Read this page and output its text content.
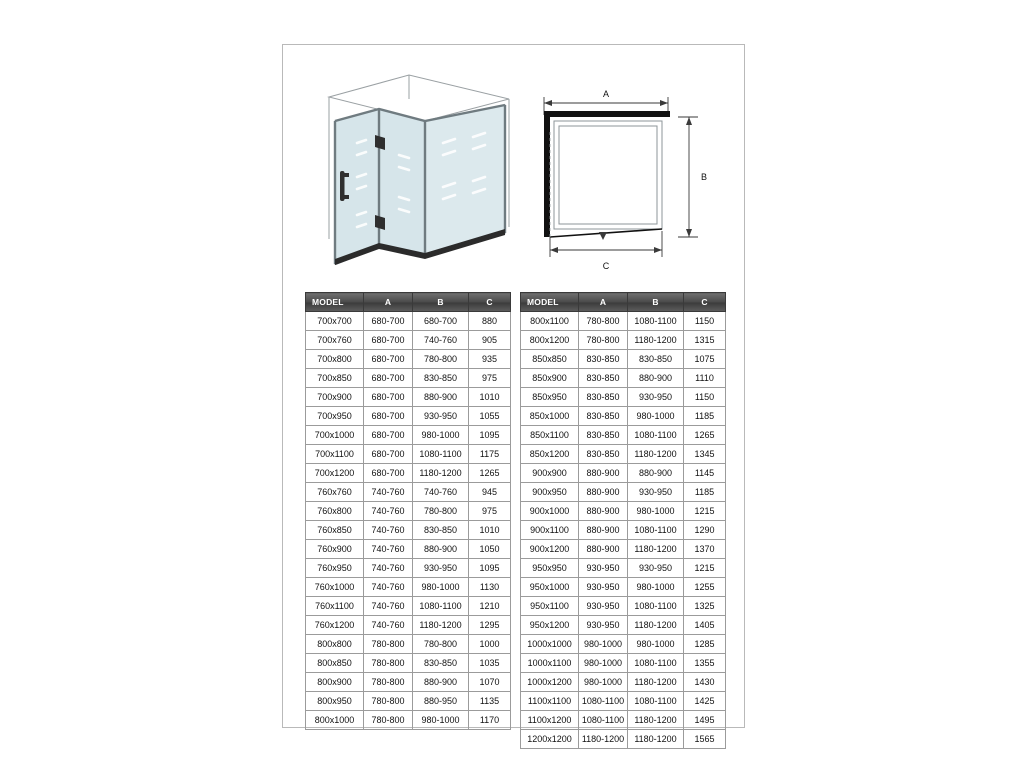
A
B
C
MODEL	A	B	C
700x700	680-700	680-700	880
700x760	680-700	740-760	905
700x800	680-700	780-800	935
700x850	680-700	830-850	975
700x900	680-700	880-900	1010
700x950	680-700	930-950	1055
700x1000	680-700	980-1000	1095
700x1100	680-700	1080-1100	1175
700x1200	680-700	1180-1200	1265
760x760	740-760	740-760	945
760x800	740-760	780-800	975
760x850	740-760	830-850	1010
760x900	740-760	880-900	1050
760x950	740-760	930-950	1095
760x1000	740-760	980-1000	1130
760x1100	740-760	1080-1100	1210
760x1200	740-760	1180-1200	1295
800x800	780-800	780-800	1000
800x850	780-800	830-850	1035
800x900	780-800	880-900	1070
800x950	780-800	880-950	1135
800x1000	780-800	980-1000	1170
MODEL	A	B	C
800x1100	780-800	1080-1100	1150
800x1200	780-800	1180-1200	1315
850x850	830-850	830-850	1075
850x900	830-850	880-900	1110
850x950	830-850	930-950	1150
850x1000	830-850	980-1000	1185
850x1100	830-850	1080-1100	1265
850x1200	830-850	1180-1200	1345
900x900	880-900	880-900	1145
900x950	880-900	930-950	1185
900x1000	880-900	980-1000	1215
900x1100	880-900	1080-1100	1290
900x1200	880-900	1180-1200	1370
950x950	930-950	930-950	1215
950x1000	930-950	980-1000	1255
950x1100	930-950	1080-1100	1325
950x1200	930-950	1180-1200	1405
1000x1000	980-1000	980-1000	1285
1000x1100	980-1000	1080-1100	1355
1000x1200	980-1000	1180-1200	1430
1100x1100	1080-1100	1080-1100	1425
1100x1200	1080-1100	1180-1200	1495
1200x1200	1180-1200	1180-1200	1565
